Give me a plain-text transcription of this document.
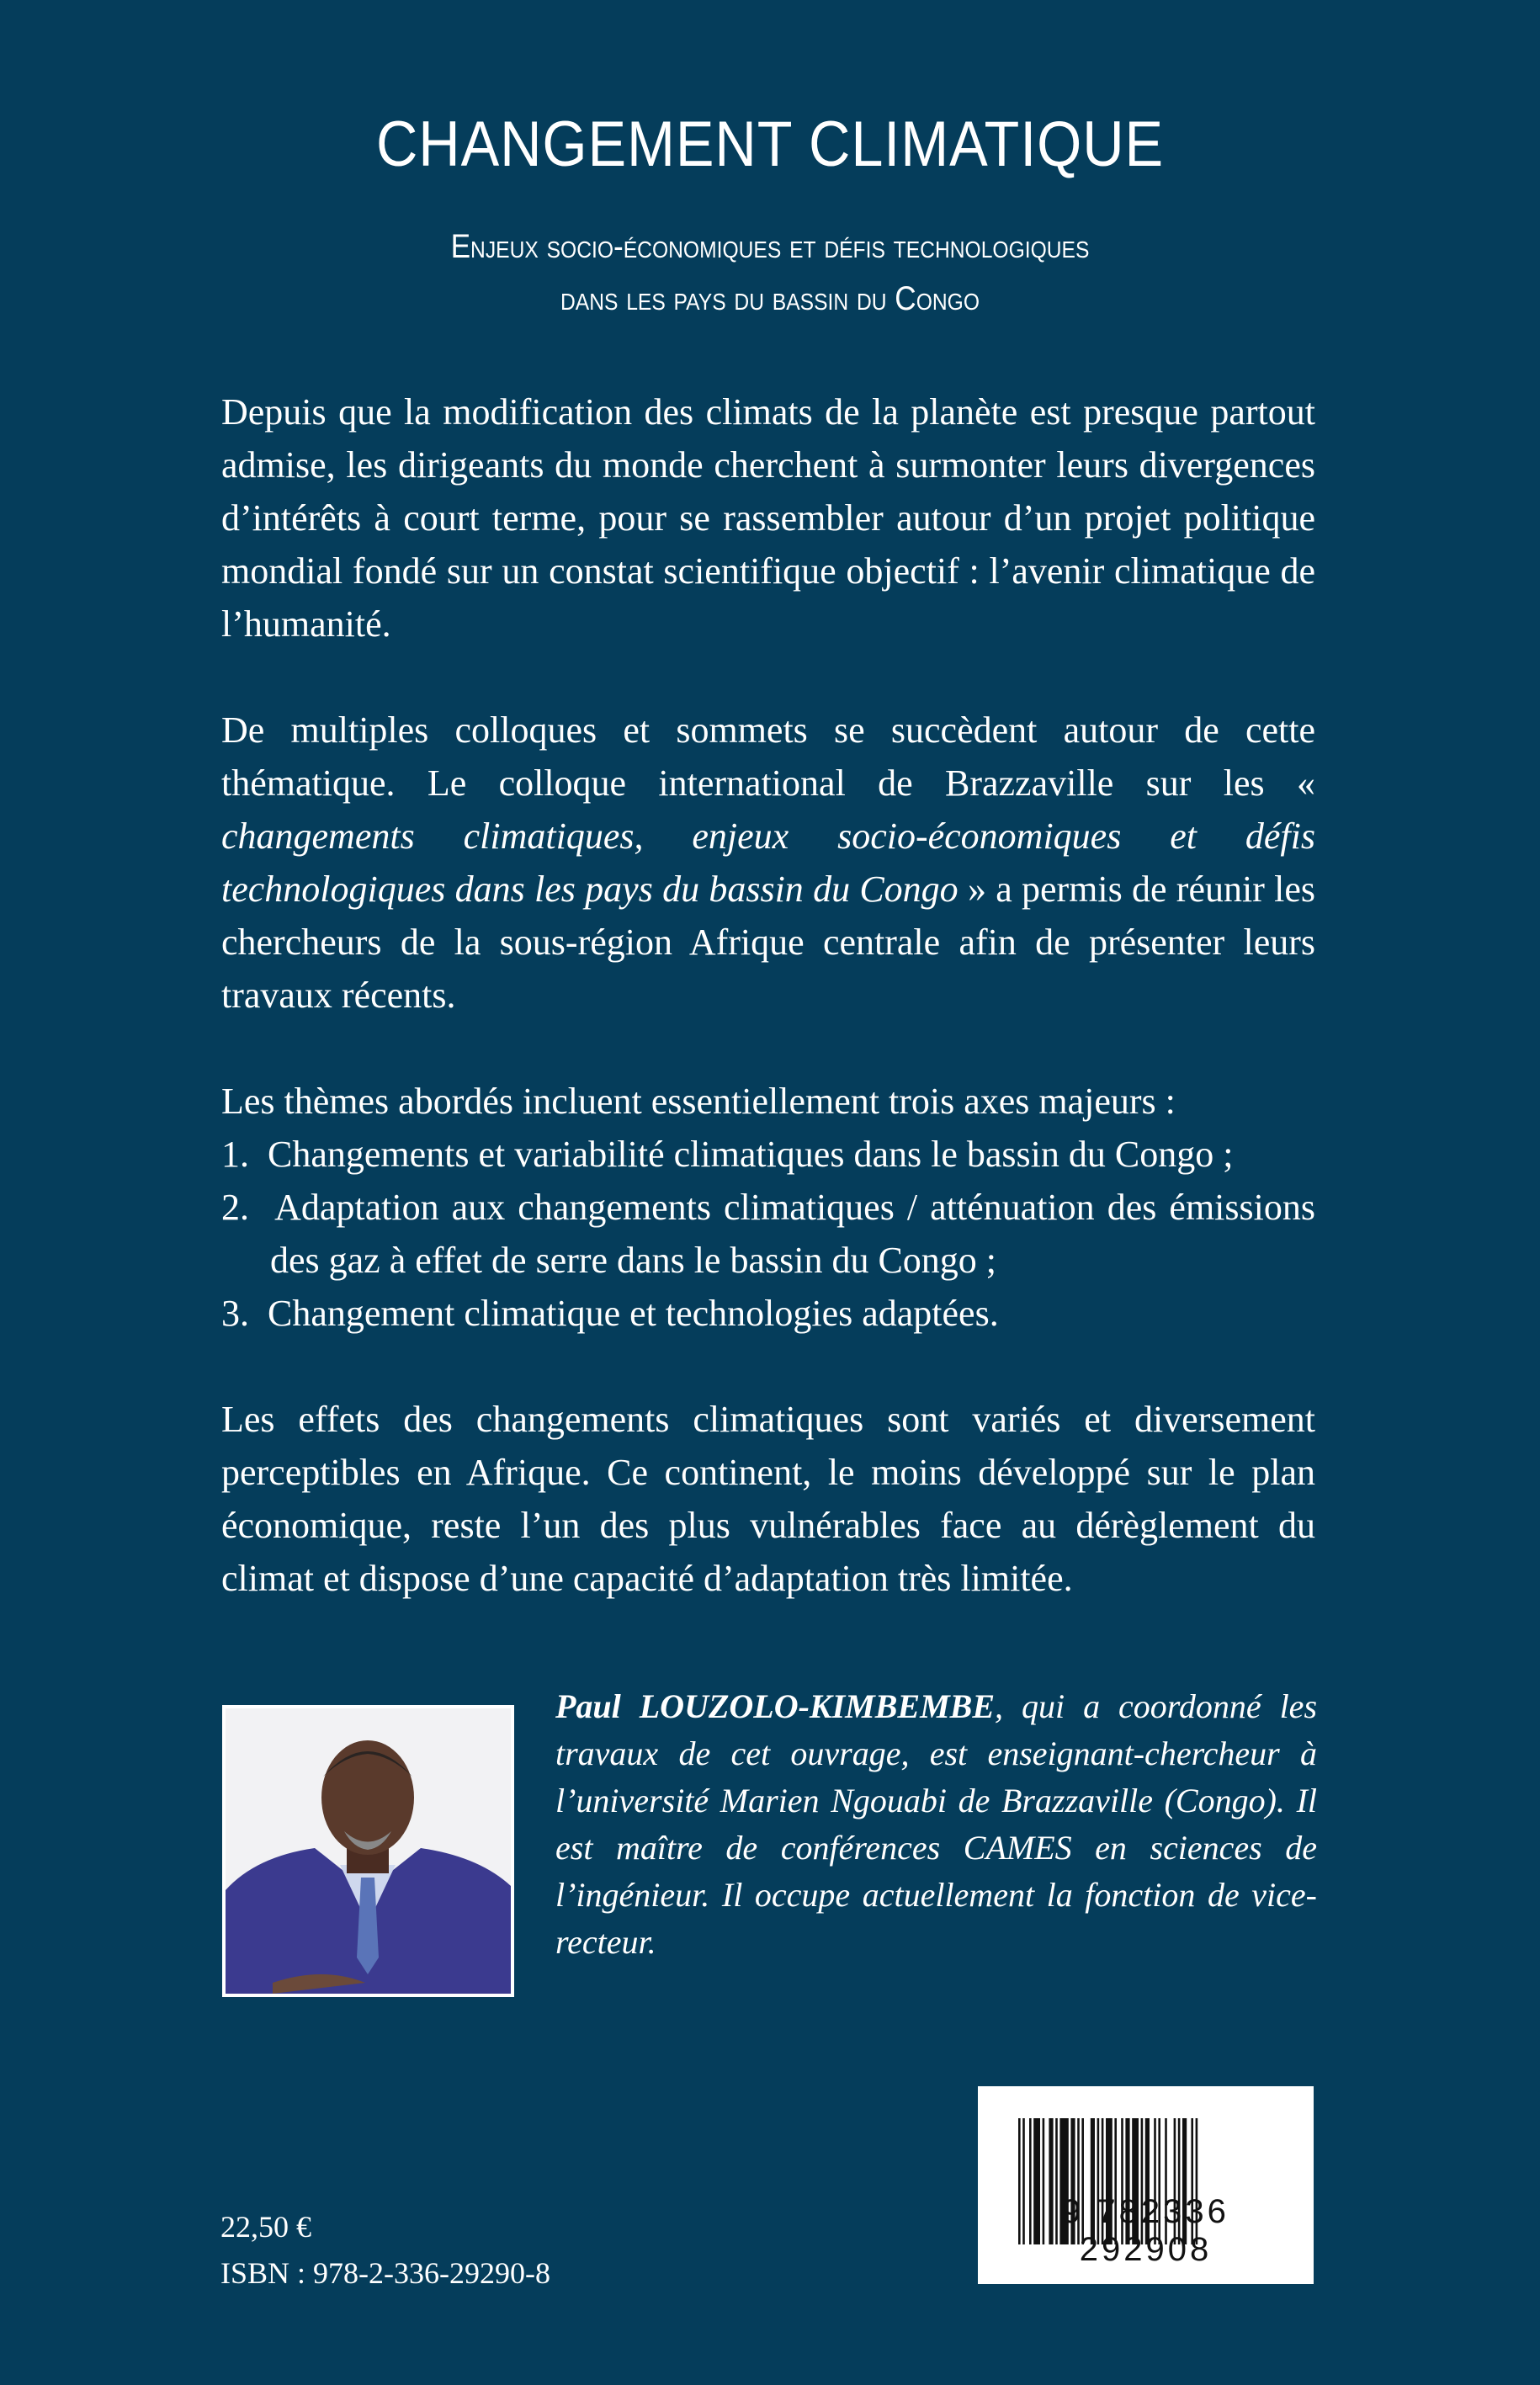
CHANGEMENT CLIMATIQUE
Enjeux socio-économiques et défis technologiques
dans les pays du bassin du Congo

Depuis que la modification des climats de la planète est presque partout admise, les dirigeants du monde cherchent à surmonter leurs divergences d’intérêts à court terme, pour se rassembler autour d’un projet politique mondial fondé sur un constat scientifique objectif : l’avenir climatique de l’humanité.

De multiples colloques et sommets se succèdent autour de cette thématique. Le colloque international de Brazzaville sur les « changements climatiques, enjeux socio-économiques et défis technologiques dans les pays du bassin du Congo » a permis de réunir les chercheurs de la sous-région Afrique centrale afin de présenter leurs travaux récents.

Les thèmes abordés incluent essentiellement trois axes majeurs :
1.  Changements et variabilité climatiques dans le bassin du Congo ;
2.  Adaptation aux changements climatiques / atténuation des émissions des gaz à effet de serre dans le bassin du Congo ;
3.  Changement climatique et technologies adaptées.

Les effets des changements climatiques sont variés et diversement perceptibles en Afrique. Ce continent, le moins développé sur le plan économique, reste l’un des plus vulnérables face au dérèglement du climat et dispose d’une capacité d’adaptation très limitée.

Paul LOUZOLO-KIMBEMBE, qui a coordonné les travaux de cet ouvrage, est enseignant-chercheur à l’université Marien Ngouabi de Brazzaville (Congo). Il est maître de conférences CAMES en sciences de l’ingénieur. Il occupe actuellement la fonction de vice-recteur.
22,50 €
ISBN : 978-2-336-29290-8
9 782336 292908
